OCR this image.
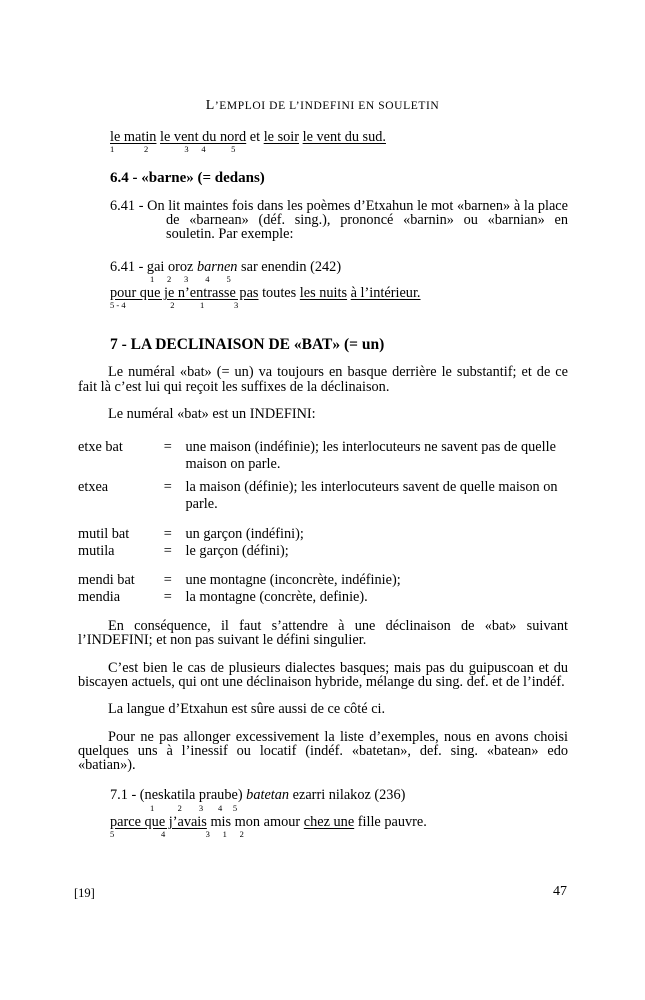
L’EMPLOI DE L’INDEFINI EN SOULETIN
le matin le vent du nord et le soir le vent du sud.
1              2                 3      4            5

6.4 - «barne» (= dedans)

6.41 - On lit maintes fois dans les poèmes d’Etxahun le mot «barnen» à la place de «barnean» (déf. sing.), prononcé «barnin» ou «barnian» en souletin. Par exemple:

6.41 - gai oroz barnen sar enendin (242)
1      2      3        4        5
pour que je n’entrasse pas toutes les nuits à l’intérieur.
5 - 4                     2            1              3

7 - LA DECLINAISON DE «BAT» (= un)

Le numéral «bat» (= un) va toujours en basque derrière le substantif; et de ce fait là c’est lui qui reçoit les suffixes de la déclinaison.

Le numéral «bat» est un INDEFINI:

etxe bat	=	une maison (indéfinie); les interlocuteurs ne savent pas de quelle maison on parle.
etxea	=	la maison (définie); les interlocuteurs savent de quelle maison on parle.
mutil bat	=	un garçon (indéfini);
mutila	=	le garçon (défini);
mendi bat	=	une montagne (inconcrète, indéfinie);
mendia	=	la montagne (concrète, definie).

En conséquence, il faut s’attendre à une déclinaison de «bat» suivant l’INDEFINI; et non pas suivant le défini singulier.

C’est bien le cas de plusieurs dialectes basques; mais pas du guipuscoan et du biscayen actuels, qui ont une déclinaison hybride, mélange du sing. def. et de l’indéf.

La langue d’Etxahun est sûre aussi de ce côté ci.

Pour ne pas allonger excessivement la liste d’exemples, nous en avons choisi quelques uns à l’inessif ou locatif (indéf. «batetan», def. sing. «batean» edo «batian»).

7.1 - (neskatila praube) batetan ezarri nilakoz (236)
1           2        3       4     5
parce que j’avais mis mon amour chez une fille pauvre.
5                      4                   3      1      2
[19]	47
